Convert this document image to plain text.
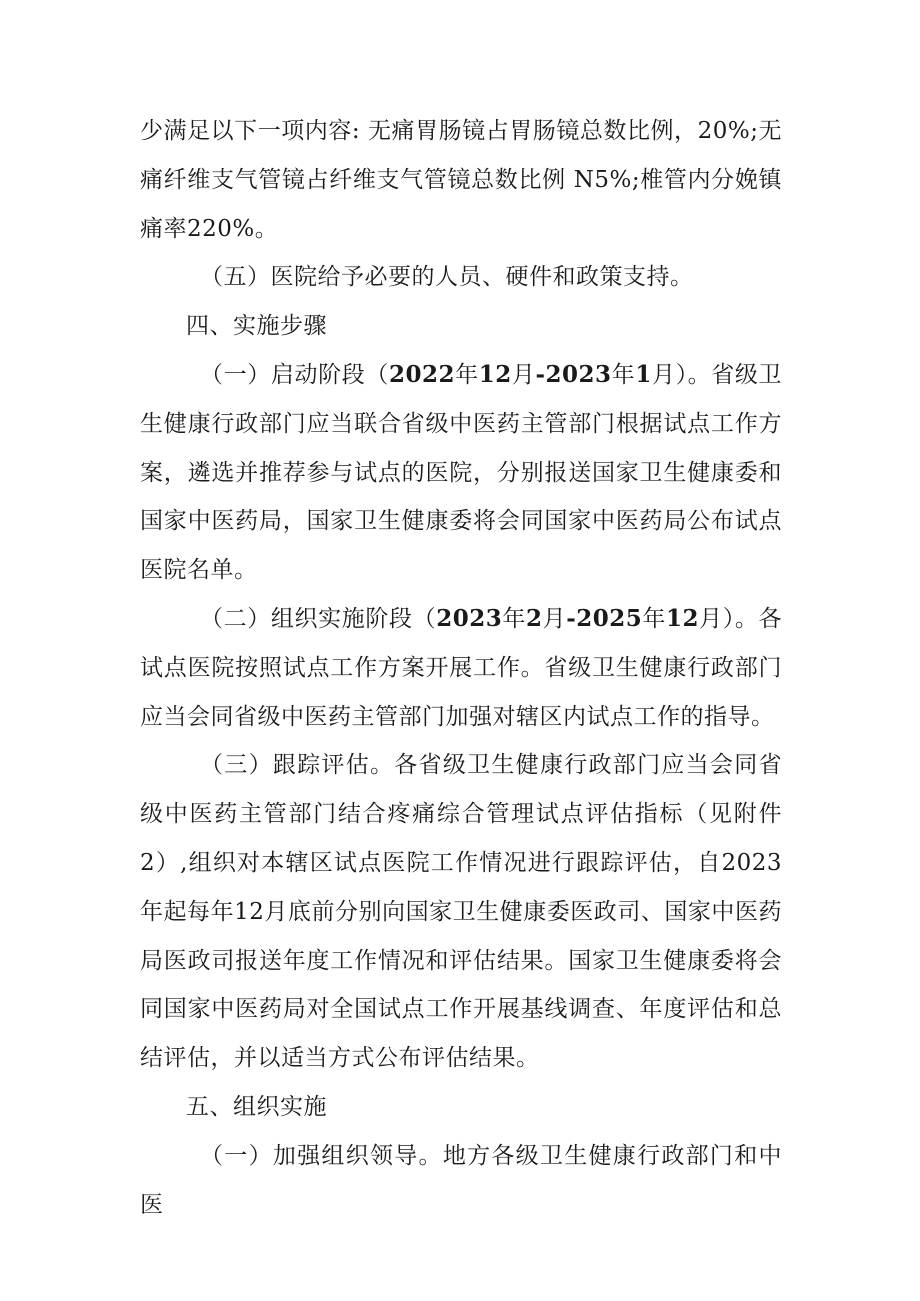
少满足以下一项内容: 无痛胃肠镜占胃肠镜总数比例，20%;无痛纤维支气管镜占纤维支气管镜总数比例 N5%;椎管内分娩镇痛率220%。

（五）医院给予必要的人员、硬件和政策支持。

四、实施步骤

（一）启动阶段（2022年12月-2023年1月）。省级卫生健康行政部门应当联合省级中医药主管部门根据试点工作方案，遴选并推荐参与试点的医院，分别报送国家卫生健康委和国家中医药局，国家卫生健康委将会同国家中医药局公布试点医院名单。

（二）组织实施阶段（2023年2月-2025年12月）。各试点医院按照试点工作方案开展工作。省级卫生健康行政部门应当会同省级中医药主管部门加强对辖区内试点工作的指导。

（三）跟踪评估。各省级卫生健康行政部门应当会同省级中医药主管部门结合疼痛综合管理试点评估指标（见附件2）,组织对本辖区试点医院工作情况进行跟踪评估，自2023年起每年12月底前分别向国家卫生健康委医政司、国家中医药局医政司报送年度工作情况和评估结果。国家卫生健康委将会同国家中医药局对全国试点工作开展基线调查、年度评估和总结评估，并以适当方式公布评估结果。

五、组织实施

（一）加强组织领导。地方各级卫生健康行政部门和中医
